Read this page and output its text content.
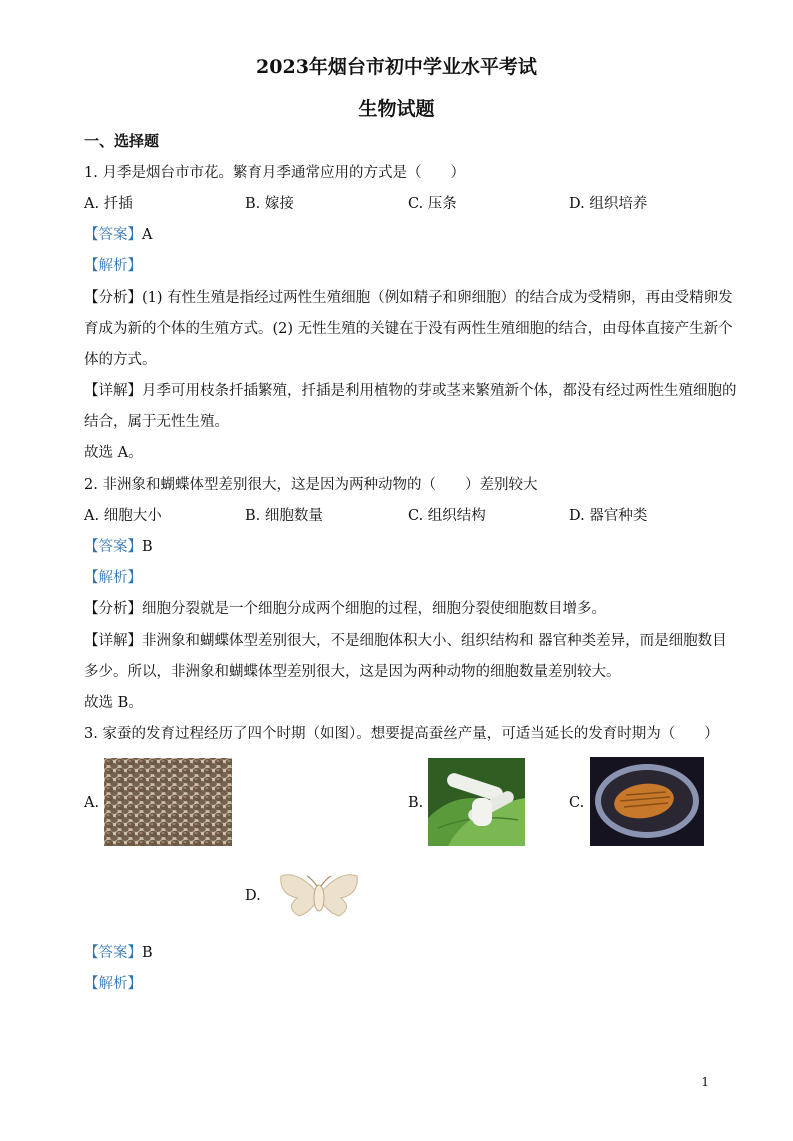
2023年烟台市初中学业水平考试
生物试题
一、选择题
1. 月季是烟台市市花。繁育月季通常应用的方式是（　　）
A. 扦插	B. 嫁接	C. 压条	D. 组织培养
【答案】A
【解析】
【分析】(1) 有性生殖是指经过两性生殖细胞（例如精子和卵细胞）的结合成为受精卵，再由受精卵发
育成为新的个体的生殖方式。(2) 无性生殖的关键在于没有两性生殖细胞的结合，由母体直接产生新个
体的方式。
【详解】月季可用枝条扦插繁殖，扦插是利用植物的芽或茎来繁殖新个体，都没有经过两性生殖细胞的
结合，属于无性生殖。
故选 A。
2. 非洲象和蝴蝶体型差别很大，这是因为两种动物的（　　）差别较大
A. 细胞大小	B. 细胞数量	C. 组织结构	D. 器官种类
【答案】B
【解析】
【分析】细胞分裂就是一个细胞分成两个细胞的过程，细胞分裂使细胞数目增多。
【详解】非洲象和蝴蝶体型差别很大，不是细胞体积大小、组织结构和 器官种类差异，而是细胞数目
多少。所以，非洲象和蝴蝶体型差别很大，这是因为两种动物的细胞数量差别较大。
故选 B。
3. 家蚕的发育过程经历了四个时期（如图）。想要提高蚕丝产量，可适当延长的发育时期为（　　）
A.	B.	C.
D.
【答案】B
【解析】
1
